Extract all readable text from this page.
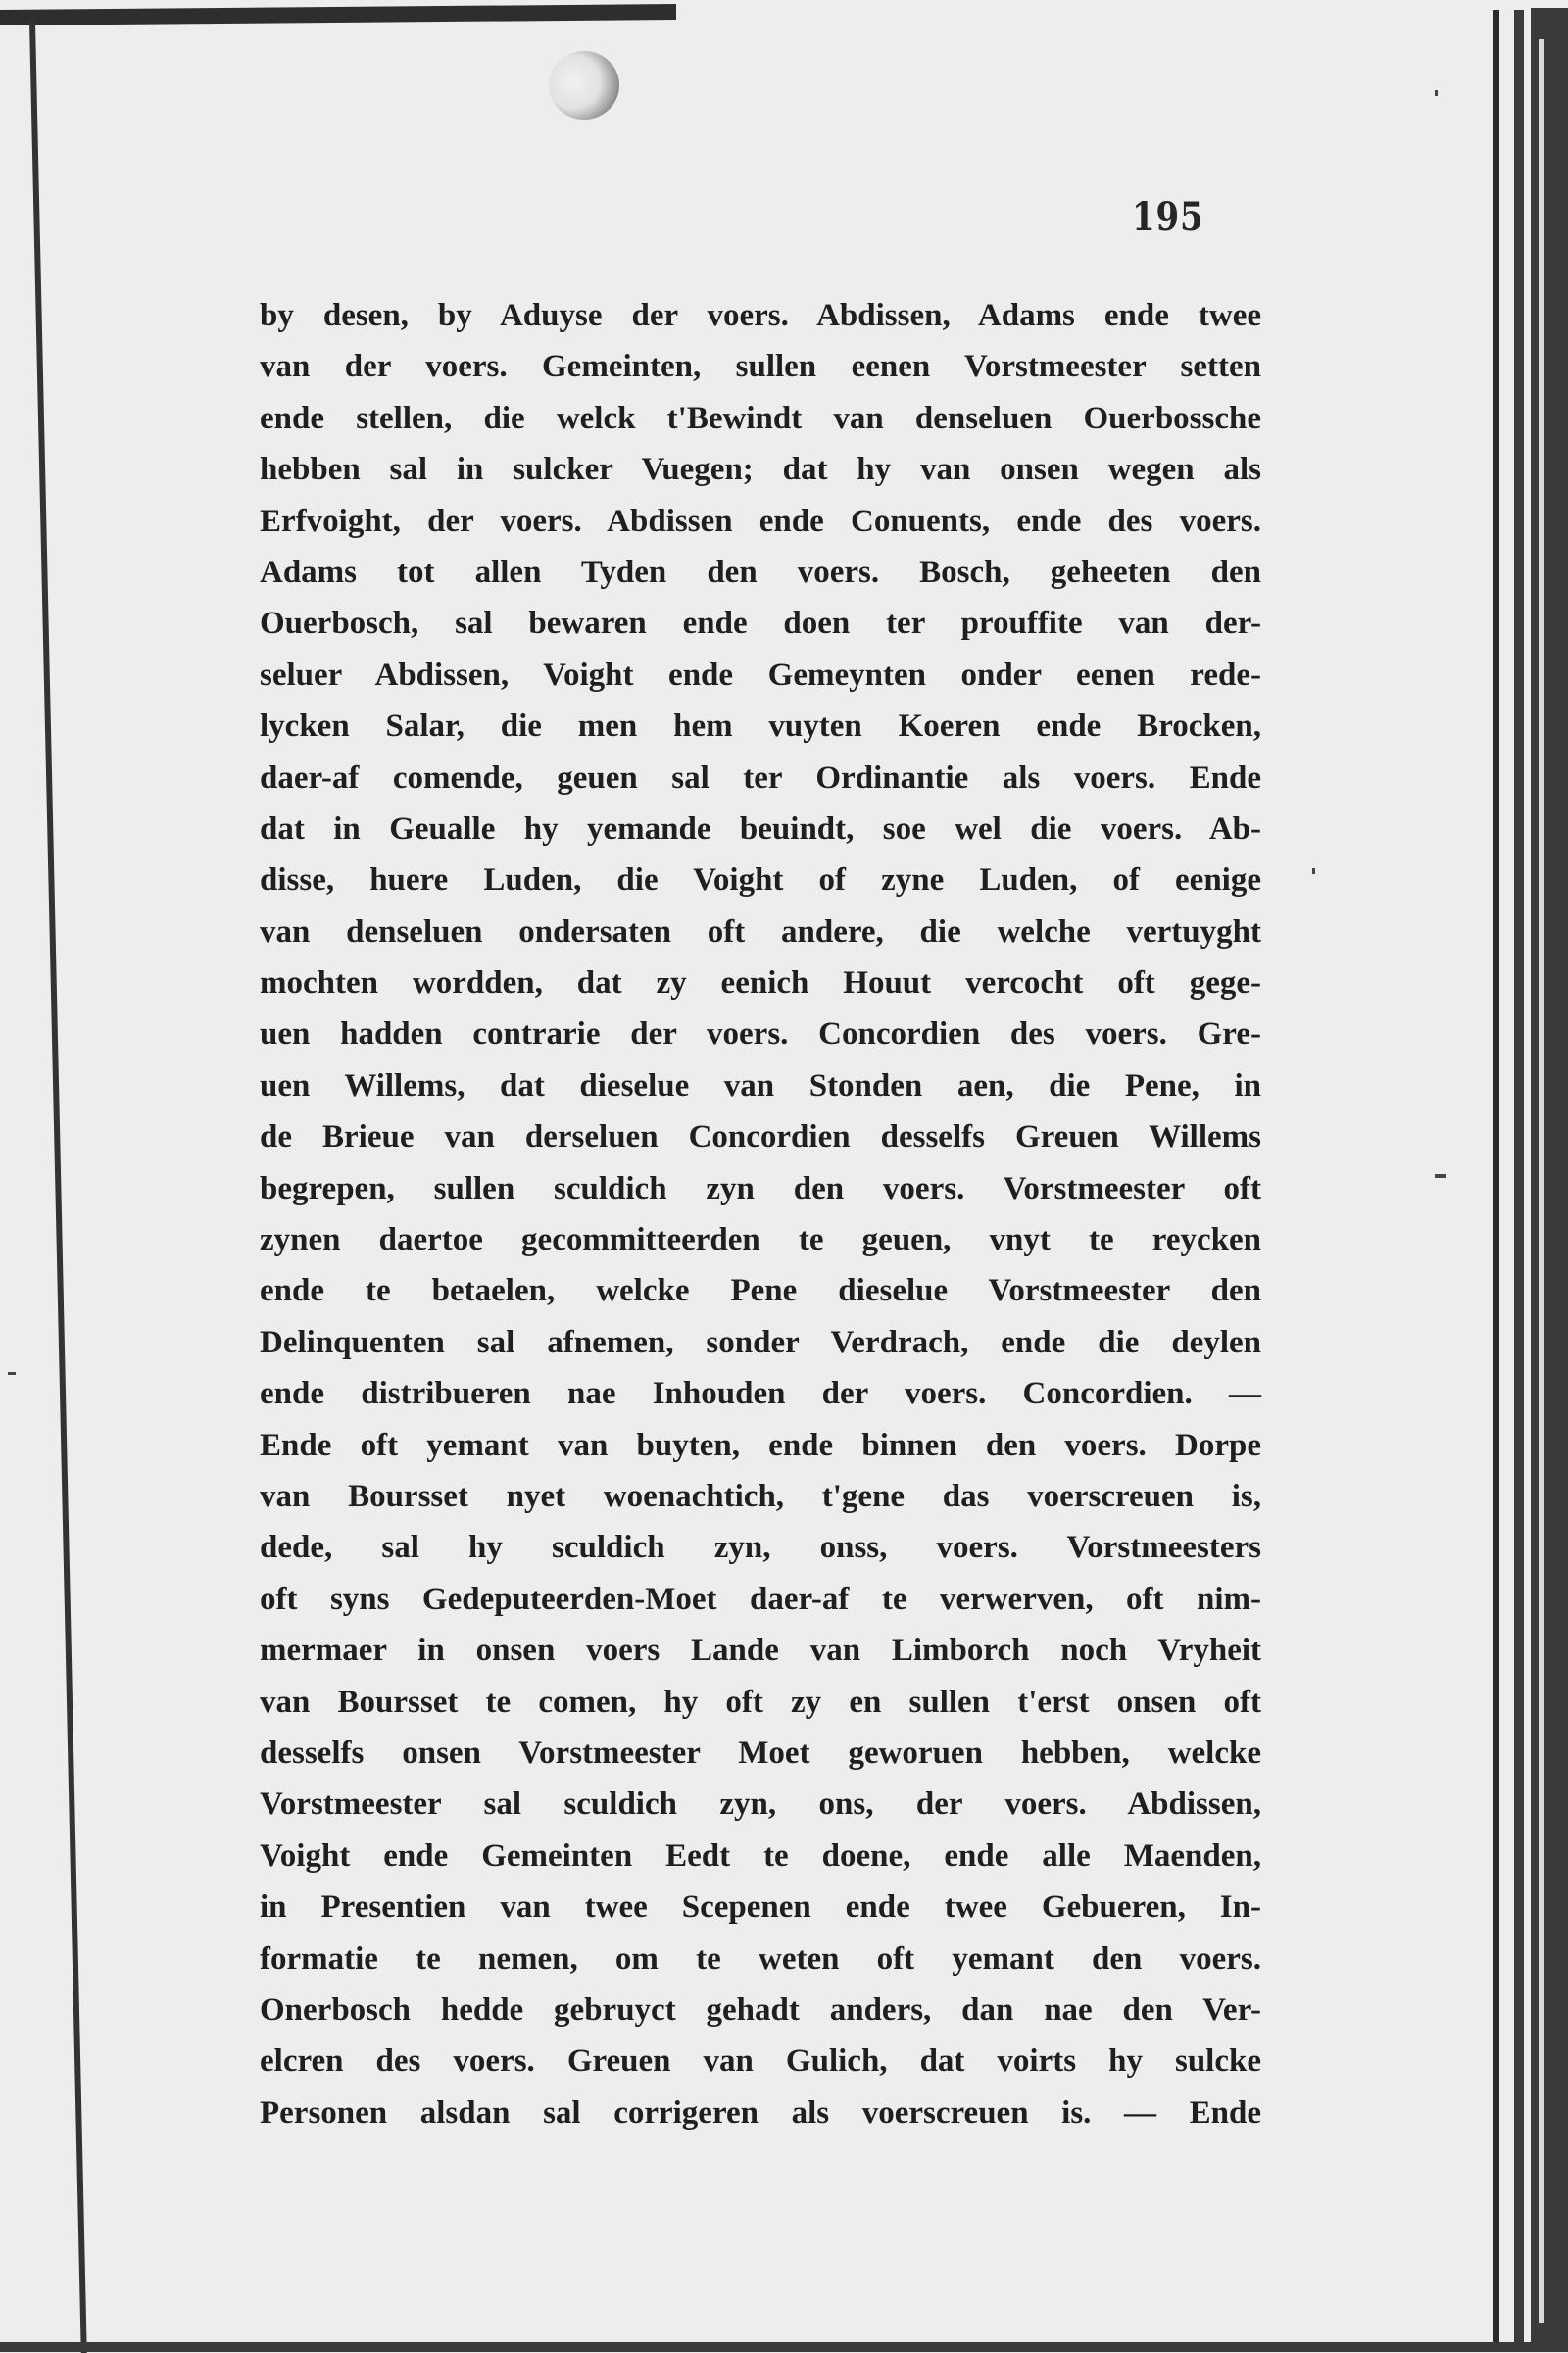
195
by desen, by Aduyse der voers. Abdissen, Adams ende twee
van der voers. Gemeinten, sullen eenen Vorstmeester setten
ende stellen, die welck t'Bewindt van denseluen Ouerbossche
hebben sal in sulcker Vuegen; dat hy van onsen wegen als
Erfvoight, der voers. Abdissen ende Conuents, ende des voers.
Adams tot allen Tyden den voers. Bosch, geheeten den
Ouerbosch, sal bewaren ende doen ter prouffite van der-
seluer Abdissen, Voight ende Gemeynten onder eenen rede-
lycken Salar, die men hem vuyten Koeren ende Brocken,
daer-af comende, geuen sal ter Ordinantie als voers. Ende
dat in Geualle hy yemande beuindt, soe wel die voers. Ab-
disse, huere Luden, die Voight of zyne Luden, of eenige
van denseluen ondersaten oft andere, die welche vertuyght
mochten wordden, dat zy eenich Houut vercocht oft gege-
uen hadden contrarie der voers. Concordien des voers. Gre-
uen Willems, dat dieselue van Stonden aen, die Pene, in
de Brieue van derseluen Concordien desselfs Greuen Willems
begrepen, sullen sculdich zyn den voers. Vorstmeester oft
zynen daertoe gecommitteerden te geuen, vnyt te reycken
ende te betaelen, welcke Pene dieselue Vorstmeester den
Delinquenten sal afnemen, sonder Verdrach, ende die deylen
ende distribueren nae Inhouden der voers. Concordien. —
Ende oft yemant van buyten, ende binnen den voers. Dorpe
van Boursset nyet woenachtich, t'gene das voerscreuen is,
dede, sal hy sculdich zyn, onss, voers. Vorstmeesters
oft syns Gedeputeerden-Moet daer-af te verwerven, oft nim-
mermaer in onsen voers Lande van Limborch noch Vryheit
van Boursset te comen, hy oft zy en sullen t'erst onsen oft
desselfs onsen Vorstmeester Moet geworuen hebben, welcke
Vorstmeester sal sculdich zyn, ons, der voers. Abdissen,
Voight ende Gemeinten Eedt te doene, ende alle Maenden,
in Presentien van twee Scepenen ende twee Gebueren, In-
formatie te nemen, om te weten oft yemant den voers.
Onerbosch hedde gebruyct gehadt anders, dan nae den Ver-
elcren des voers. Greuen van Gulich, dat voirts hy sulcke
Personen alsdan sal corrigeren als voerscreuen is. — Ende
